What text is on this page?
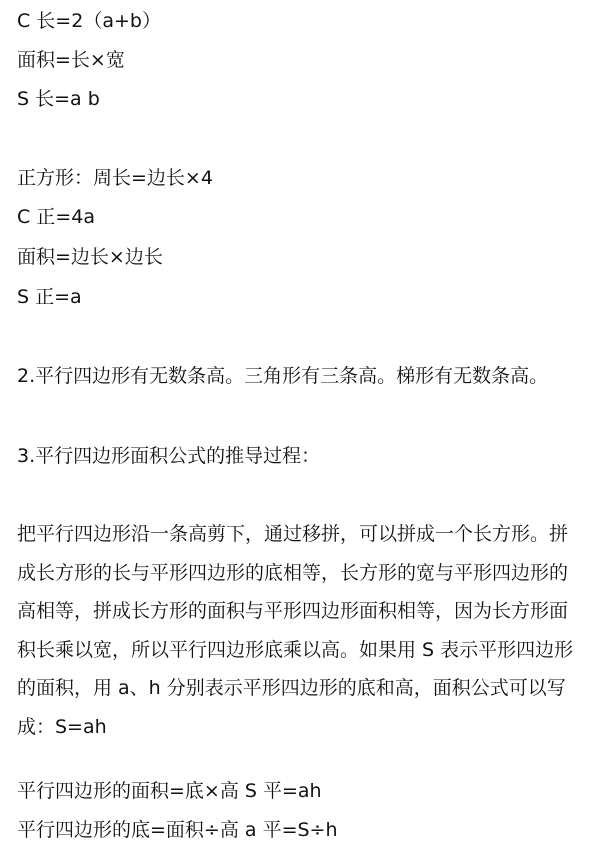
C 长=2（a+b）

面积=长×宽

S 长=a b

正方形：周长=边长×4

C 正=4a

面积=边长×边长

S 正=a

2.平行四边形有无数条高。三角形有三条高。梯形有无数条高。

3.平行四边形面积公式的推导过程：

把平行四边形沿一条高剪下，通过移拼，可以拼成一个长方形。拼
成长方形的长与平形四边形的底相等，长方形的宽与平形四边形的
高相等，拼成长方形的面积与平形四边形面积相等，因为长方形面
积长乘以宽，所以平行四边形底乘以高。如果用 S 表示平形四边形
的面积，用 a、h 分别表示平形四边形的底和高，面积公式可以写
成：S=ah

平行四边形的面积=底×高 S 平=ah

平行四边形的底=面积÷高 a 平=S÷h
